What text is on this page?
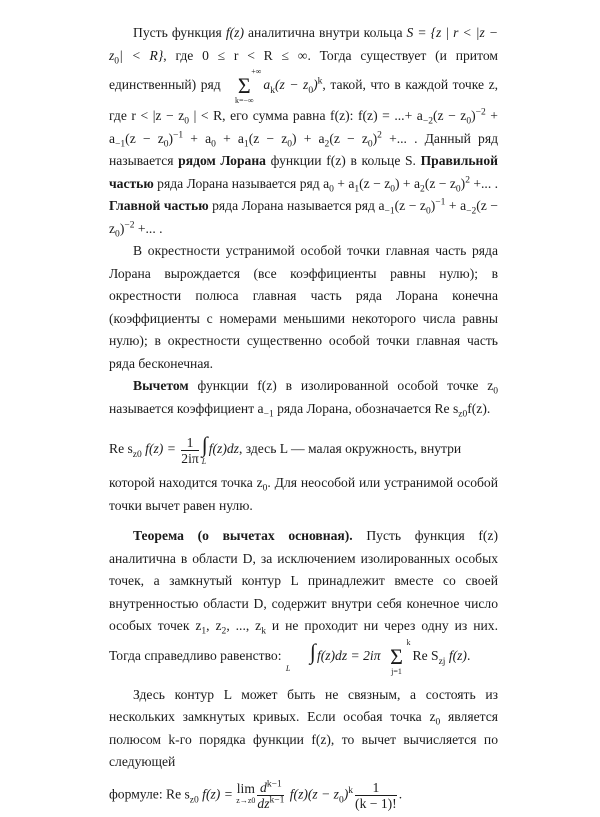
Пусть функция f(z) аналитична внутри кольца S = {z | $r < |z - z_0| < R$}, где 0 ≤ r < R ≤ ∞. Тогда существует (и притом единственный) ряд +∞
Σ
$k=-\infty a_k(z - z_0)^k$, такой, что в каждой точке z, где $r < |z - z_0$ | < R, его сумма равна f(z): f(z) = ...+ $a_{-2}(z - z_0)^{-2} + a_{-1}(z - z_0)^{-1} + a_0 + a_1(z - z_0) + a_2(z - z_0)^2$ +... . Данный ряд называется рядом Лорана функции f(z) в кольце S. Правильной частью ряда Лорана называется ряд $a_0 + a_1(z - z_0) + a_2(z - z_0)^2$ +... . Главной частью ряда Лорана называется ряд $a_{-1}(z - z_0)^{-1} + a_{-2}(z - z_0)^{-2}$ +... .

В окрестности устранимой особой точки главная часть ряда Лорана вырождается (все коэффициенты равны нулю); в окрестности полюса главная часть ряда Лорана конечна (коэффициенты с номерами меньшими некоторого числа равны нулю); в окрестности существенно особой точки главная часть ряда бесконечная.

Вычетом функции f(z) в изолированной особой точке $z_0$ называется коэффициент $a_{-1}$ ряда Лорана, обозначается Re $s_{z0}f(z)$.

Re $s_{z0}$ $f(z) = \frac{1}{2i\pi}$ ∫
Lf(z)dz, здесь L — малая окружность, внутри

которой находится точка $z_0$. Для неособой или устранимой особой точки вычет равен нулю.

Теорема (о вычетах основная). Пусть функция f(z) аналитична в области D, за исключением изолированных особых точек, а замкнутый контур L принадлежит вместе со своей внутренностью области D, содержит внутри себя конечное число особых точек $z_1$, $z_2$, ..., $z_k$ и не проходит ни через одну из них. Тогда справедливо равенство: ∫
Lf(z)dz = 2iπk
Σ
j=1Re $S_{zj}$ f(z).

Здесь контур L может быть не связным, а состоять из нескольких замкнутых кривых. Если особая точка $z_0$ является полюсом k-го порядка функции f(z), то вычет вычисляется по следующей

формуле: Re $s_{z0}$ f(z) = lim
$z\to z0 \frac{d^{k-1}}{dz^{k-1}} f(z)(z - z_0)^k \frac{1}{(k - 1)!}$ .
